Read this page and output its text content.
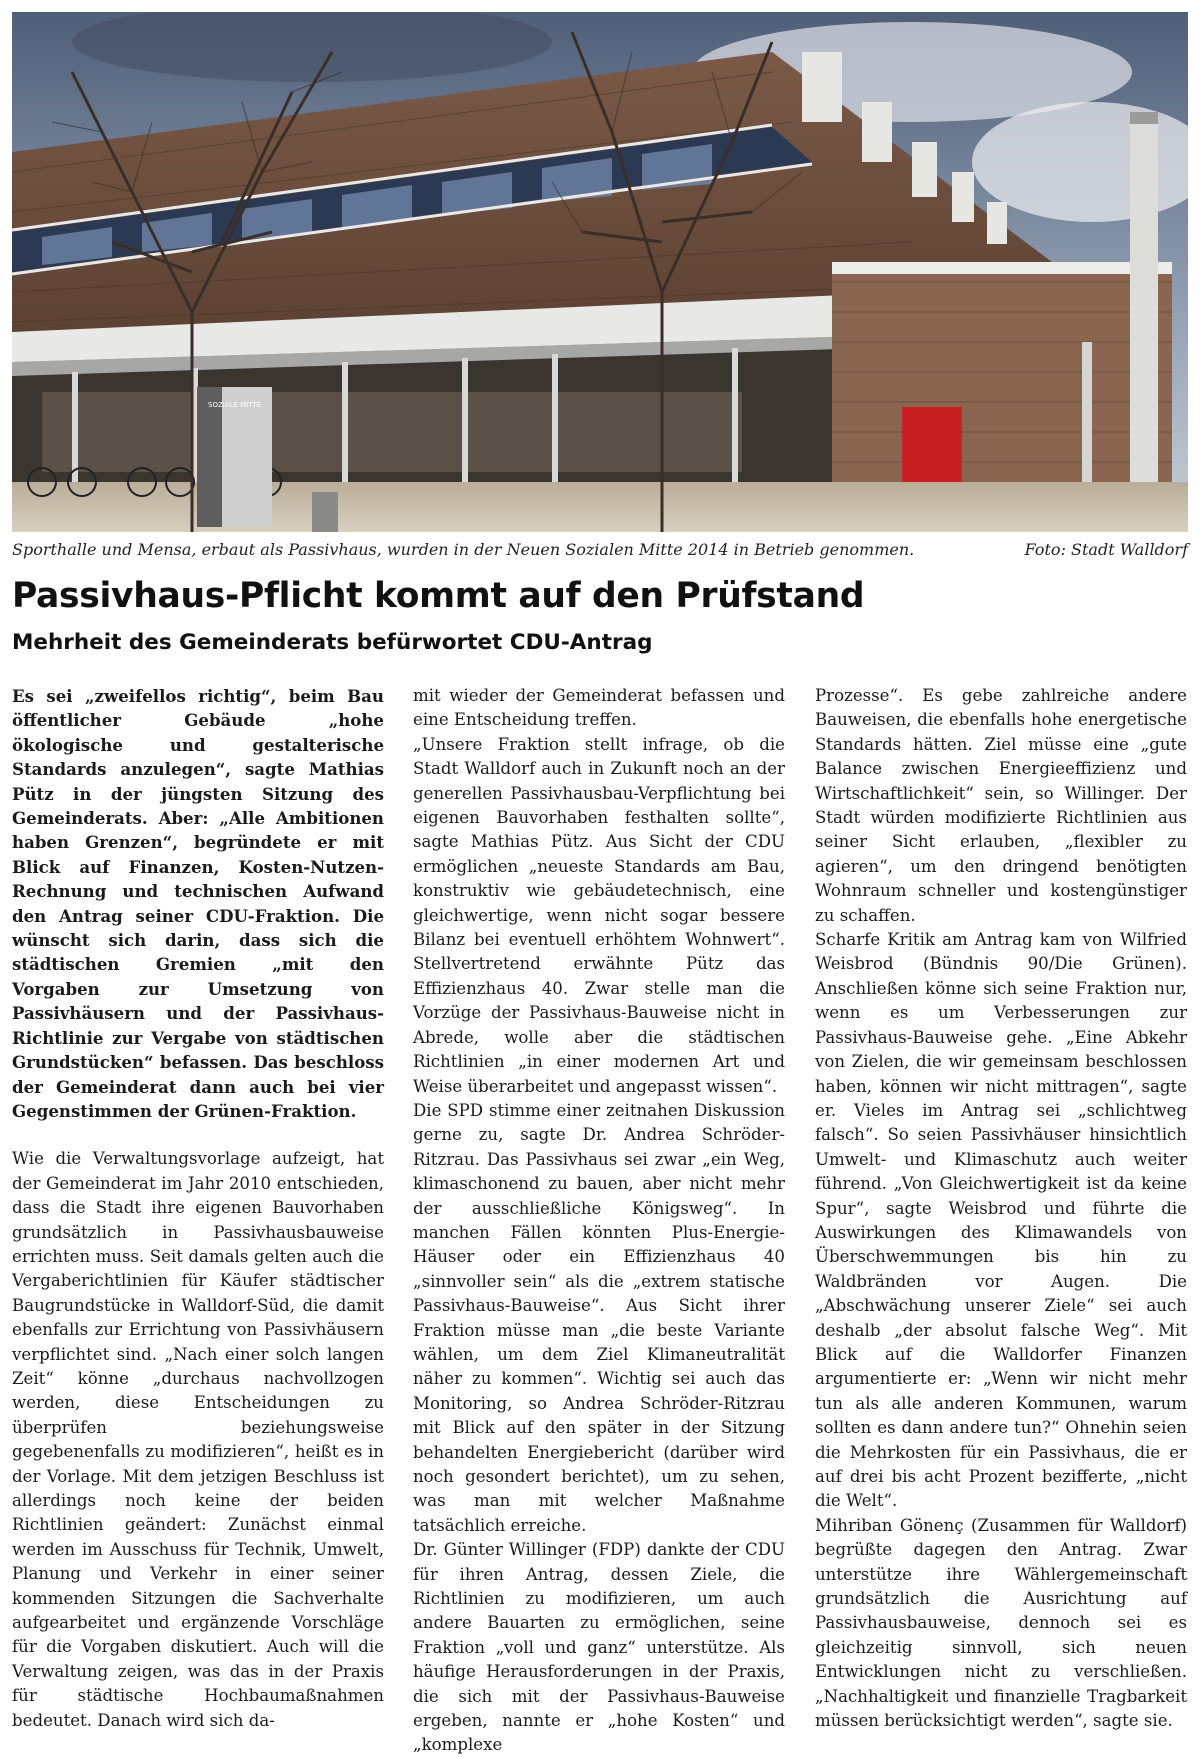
SOZIALE MITTE
Sporthalle und Mensa, erbaut als Passivhaus, wurden in der Neuen Sozialen Mitte 2014 in Betrieb genommen.	Foto: Stadt Walldorf
Passivhaus-Pflicht kommt auf den Prüfstand
Mehrheit des Gemeinderats befürwortet CDU-Antrag

Es sei „zweifellos richtig“, beim Bau öffentlicher Gebäude „hohe ökologische und gestalterische Standards anzulegen“, sagte Mathias Pütz in der jüngsten Sitzung des Gemeinderats. Aber: „Alle Ambitionen haben Grenzen“, begründete er mit Blick auf Finanzen, Kosten-Nutzen-Rechnung und technischen Aufwand den Antrag seiner CDU-Fraktion. Die wünscht sich darin, dass sich die städtischen Gremien „mit den Vorgaben zur Umsetzung von Passivhäusern und der Passivhaus-Richtlinie zur Vergabe von städtischen Grundstücken“ befassen. Das beschloss der Gemeinderat dann auch bei vier Gegenstimmen der Grünen-Fraktion.

Wie die Verwaltungsvorlage aufzeigt, hat der Gemeinderat im Jahr 2010 entschieden, dass die Stadt ihre eigenen Bauvorhaben grundsätzlich in Passivhausbauweise errichten muss. Seit damals gelten auch die Vergaberichtlinien für Käufer städtischer Baugrundstücke in Walldorf-Süd, die damit ebenfalls zur Errichtung von Passivhäusern verpflichtet sind. „Nach einer solch langen Zeit“ könne „durchaus nachvollzogen werden, diese Entscheidungen zu überprüfen beziehungsweise gegebenenfalls zu modifizieren“, heißt es in der Vorlage. Mit dem jetzigen Beschluss ist allerdings noch keine der beiden Richtlinien geändert: Zunächst einmal werden im Ausschuss für Technik, Umwelt, Planung und Verkehr in einer seiner kommenden Sitzungen die Sachverhalte aufgearbeitet und ergänzende Vorschläge für die Vorgaben diskutiert. Auch will die Verwaltung zeigen, was das in der Praxis für städtische Hochbaumaßnahmen bedeutet. Danach wird sich da-

mit wieder der Gemeinderat befassen und eine Entscheidung treffen.

„Unsere Fraktion stellt infrage, ob die Stadt Walldorf auch in Zukunft noch an der generellen Passivhausbau-Verpflichtung bei eigenen Bauvorhaben festhalten sollte“, sagte Mathias Pütz. Aus Sicht der CDU ermöglichen „neueste Standards am Bau, konstruktiv wie gebäudetechnisch, eine gleichwertige, wenn nicht sogar bessere Bilanz bei eventuell erhöhtem Wohnwert“. Stellvertretend erwähnte Pütz das Effizienzhaus 40. Zwar stelle man die Vorzüge der Passivhaus-Bauweise nicht in Abrede, wolle aber die städtischen Richtlinien „in einer modernen Art und Weise überarbeitet und angepasst wissen“.

Die SPD stimme einer zeitnahen Diskussion gerne zu, sagte Dr. Andrea Schröder-Ritzrau. Das Passivhaus sei zwar „ein Weg, klimaschonend zu bauen, aber nicht mehr der ausschließliche Königsweg“. In manchen Fällen könnten Plus-Energie-Häuser oder ein Effizienzhaus 40 „sinnvoller sein“ als die „extrem statische Passivhaus-Bauweise“. Aus Sicht ihrer Fraktion müsse man „die beste Variante wählen, um dem Ziel Klimaneutralität näher zu kommen“. Wichtig sei auch das Monitoring, so Andrea Schröder-Ritzrau mit Blick auf den später in der Sitzung behandelten Energiebericht (darüber wird noch gesondert berichtet), um zu sehen, was man mit welcher Maßnahme tatsächlich erreiche.

Dr. Günter Willinger (FDP) dankte der CDU für ihren Antrag, dessen Ziele, die Richtlinien zu modifizieren, um auch andere Bauarten zu ermöglichen, seine Fraktion „voll und ganz“ unterstütze. Als häufige Herausforderungen in der Praxis, die sich mit der Passivhaus-Bauweise ergeben, nannte er „hohe Kosten“ und „komplexe

Prozesse“. Es gebe zahlreiche andere Bauweisen, die ebenfalls hohe energetische Standards hätten. Ziel müsse eine „gute Balance zwischen Energieeffizienz und Wirtschaftlichkeit“ sein, so Willinger. Der Stadt würden modifizierte Richtlinien aus seiner Sicht erlauben, „flexibler zu agieren“, um den dringend benötigten Wohnraum schneller und kostengünstiger zu schaffen.

Scharfe Kritik am Antrag kam von Wilfried Weisbrod (Bündnis 90/Die Grünen). Anschließen könne sich seine Fraktion nur, wenn es um Verbesserungen zur Passivhaus-Bauweise gehe. „Eine Abkehr von Zielen, die wir gemeinsam beschlossen haben, können wir nicht mittragen“, sagte er. Vieles im Antrag sei „schlichtweg falsch“. So seien Passivhäuser hinsichtlich Umwelt- und Klimaschutz auch weiter führend. „Von Gleichwertigkeit ist da keine Spur“, sagte Weisbrod und führte die Auswirkungen des Klimawandels von Überschwemmungen bis hin zu Waldbränden vor Augen. Die „Abschwächung unserer Ziele“ sei auch deshalb „der absolut falsche Weg“. Mit Blick auf die Walldorfer Finanzen argumentierte er: „Wenn wir nicht mehr tun als alle anderen Kommunen, warum sollten es dann andere tun?“ Ohnehin seien die Mehrkosten für ein Passivhaus, die er auf drei bis acht Prozent bezifferte, „nicht die Welt“.

Mihriban Gönenç (Zusammen für Walldorf) begrüßte dagegen den Antrag. Zwar unterstütze ihre Wählergemeinschaft grundsätzlich die Ausrichtung auf Passivhausbauweise, dennoch sei es gleichzeitig sinnvoll, sich neuen Entwicklungen nicht zu verschließen. „Nachhaltigkeit und finanzielle Tragbarkeit müssen berücksichtigt werden“, sagte sie.
